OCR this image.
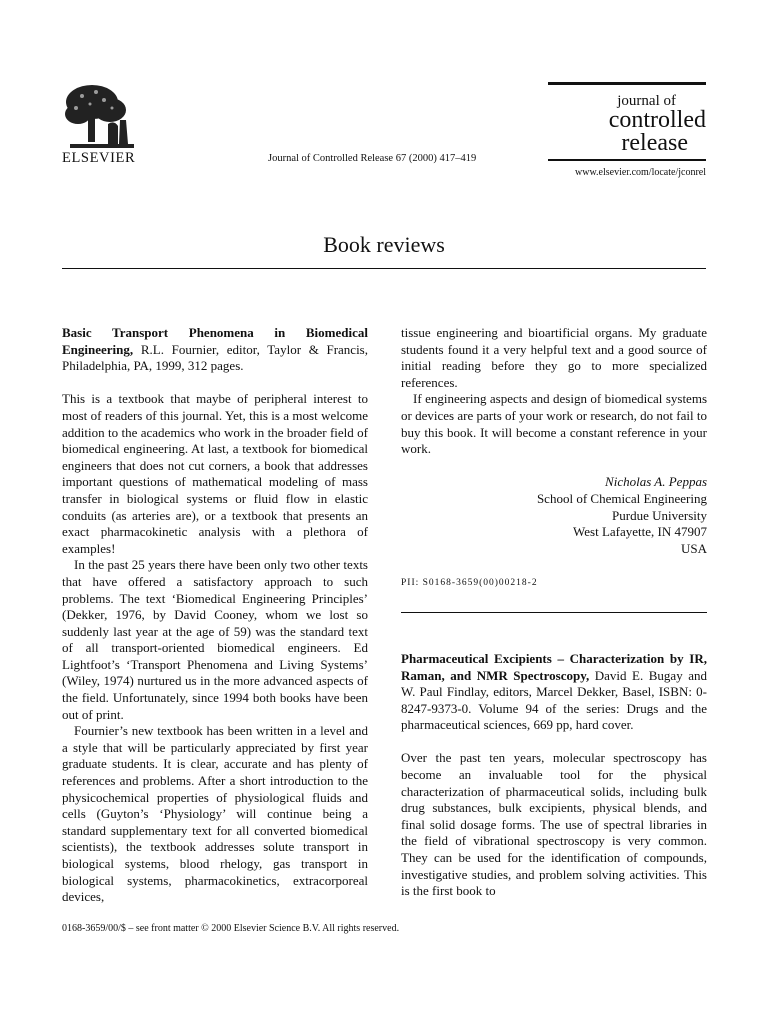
ELSEVIER	Journal of Controlled Release 67 (2000) 417–419
journal of
controlled
release
www.elsevier.com/locate/jconrel
Book reviews

Basic Transport Phenomena in Biomedical Engineering, R.L. Fournier, editor, Taylor & Francis, Philadelphia, PA, 1999, 312 pages.

This is a textbook that maybe of peripheral interest to most of readers of this journal. Yet, this is a most welcome addition to the academics who work in the broader field of biomedical engineering. At last, a textbook for biomedical engineers that does not cut corners, a book that addresses important questions of mathematical modeling of mass transfer in biological systems or fluid flow in elastic conduits (as arteries are), or a textbook that presents an exact pharmacokinetic analysis with a plethora of examples!

In the past 25 years there have been only two other texts that have offered a satisfactory approach to such problems. The text ‘Biomedical Engineering Principles’ (Dekker, 1976, by David Cooney, whom we lost so suddenly last year at the age of 59) was the standard text of all transport-oriented biomedical engineers. Ed Lightfoot’s ‘Transport Phenomena and Living Systems’ (Wiley, 1974) nurtured us in the more advanced aspects of the field. Unfortunately, since 1994 both books have been out of print.

Fournier’s new textbook has been written in a level and a style that will be particularly appreciated by first year graduate students. It is clear, accurate and has plenty of references and problems. After a short introduction to the physicochemical properties of physiological fluids and cells (Guyton’s ‘Physiology’ will continue being a standard supplementary text for all converted biomedical scientists), the textbook addresses solute transport in biological systems, blood rhelogy, gas transport in biological systems, pharmacokinetics, extracorporeal devices,

tissue engineering and bioartificial organs. My graduate students found it a very helpful text and a good source of initial reading before they go to more specialized references.

If engineering aspects and design of biomedical systems or devices are parts of your work or research, do not fail to buy this book. It will become a constant reference in your work.

Nicholas A. Peppas
School of Chemical Engineering
Purdue University
West Lafayette, IN 47907
USA
PII: S0168-3659(00)00218-2

Pharmaceutical Excipients – Characterization by IR, Raman, and NMR Spectroscopy, David E. Bugay and W. Paul Findlay, editors, Marcel Dekker, Basel, ISBN: 0-8247-9373-0. Volume 94 of the series: Drugs and the pharmaceutical sciences, 669 pp, hard cover.

Over the past ten years, molecular spectroscopy has become an invaluable tool for the physical characterization of pharmaceutical solids, including bulk drug substances, bulk excipients, physical blends, and final solid dosage forms. The use of spectral libraries in the field of vibrational spectroscopy is very common. They can be used for the identification of compounds, investigative studies, and problem solving activities. This is the first book to

0168-3659/00/$ – see front matter © 2000 Elsevier Science B.V. All rights reserved.
